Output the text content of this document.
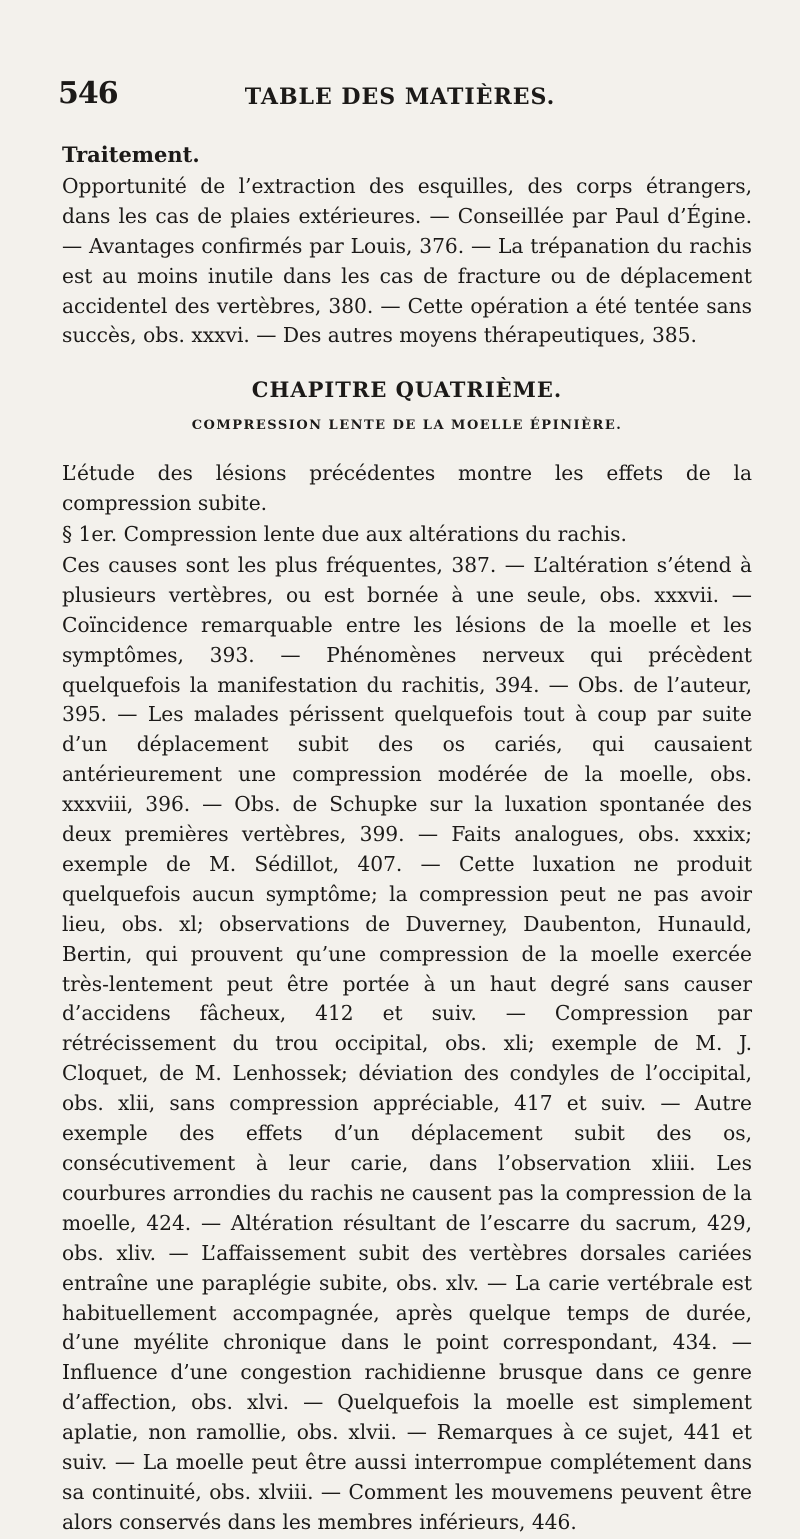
546	TABLE DES MATIÈRES.
Traitement.

Opportunité de l’extraction des esquilles, des corps étrangers, dans les cas de plaies extérieures. — Conseillée par Paul d’Égine. — Avantages confirmés par Louis, 376. — La trépanation du rachis est au moins inutile dans les cas de fracture ou de déplacement accidentel des vertèbres, 380. — Cette opération a été tentée sans succès, obs. xxxvi. — Des autres moyens thérapeutiques, 385.

CHAPITRE QUATRIÈME.
COMPRESSION LENTE DE LA MOELLE ÉPINIÈRE.

L’étude des lésions précédentes montre les effets de la compression subite.

§ 1er. Compression lente due aux altérations du rachis.

Ces causes sont les plus fréquentes, 387. — L’altération s’étend à plusieurs vertèbres, ou est bornée à une seule, obs. xxxvii. — Coïncidence remarquable entre les lésions de la moelle et les symptômes, 393. — Phénomènes nerveux qui précèdent quelquefois la manifestation du rachitis, 394. — Obs. de l’auteur, 395. — Les malades périssent quelquefois tout à coup par suite d’un déplacement subit des os cariés, qui causaient antérieurement une compression modérée de la moelle, obs. xxxviii, 396. — Obs. de Schupke sur la luxation spontanée des deux premières vertèbres, 399. — Faits analogues, obs. xxxix; exemple de M. Sédillot, 407. — Cette luxation ne produit quelquefois aucun symptôme; la compression peut ne pas avoir lieu, obs. xl; observations de Duverney, Daubenton, Hunauld, Bertin, qui prouvent qu’une compression de la moelle exercée très-lentement peut être portée à un haut degré sans causer d’accidens fâcheux, 412 et suiv. — Compression par rétrécissement du trou occipital, obs. xli; exemple de M. J. Cloquet, de M. Lenhossek; déviation des condyles de l’occipital, obs. xlii, sans compression appréciable, 417 et suiv. — Autre exemple des effets d’un déplacement subit des os, consécutivement à leur carie, dans l’observation xliii. Les courbures arrondies du rachis ne causent pas la compression de la moelle, 424. — Altération résultant de l’escarre du sacrum, 429, obs. xliv. — L’affaissement subit des vertèbres dorsales cariées entraîne une paraplégie subite, obs. xlv. — La carie vertébrale est habituellement accompagnée, après quelque temps de durée, d’une myélite chronique dans le point correspondant, 434. — Influence d’une congestion rachidienne brusque dans ce genre d’affection, obs. xlvi. — Quelquefois la moelle est simplement aplatie, non ramollie, obs. xlvii. — Remarques à ce sujet, 441 et suiv. — La moelle peut être aussi interrompue complétement dans sa continuité, obs. xlviii. — Comment les mouvemens peuvent être alors conservés dans les membres inférieurs, 446.
